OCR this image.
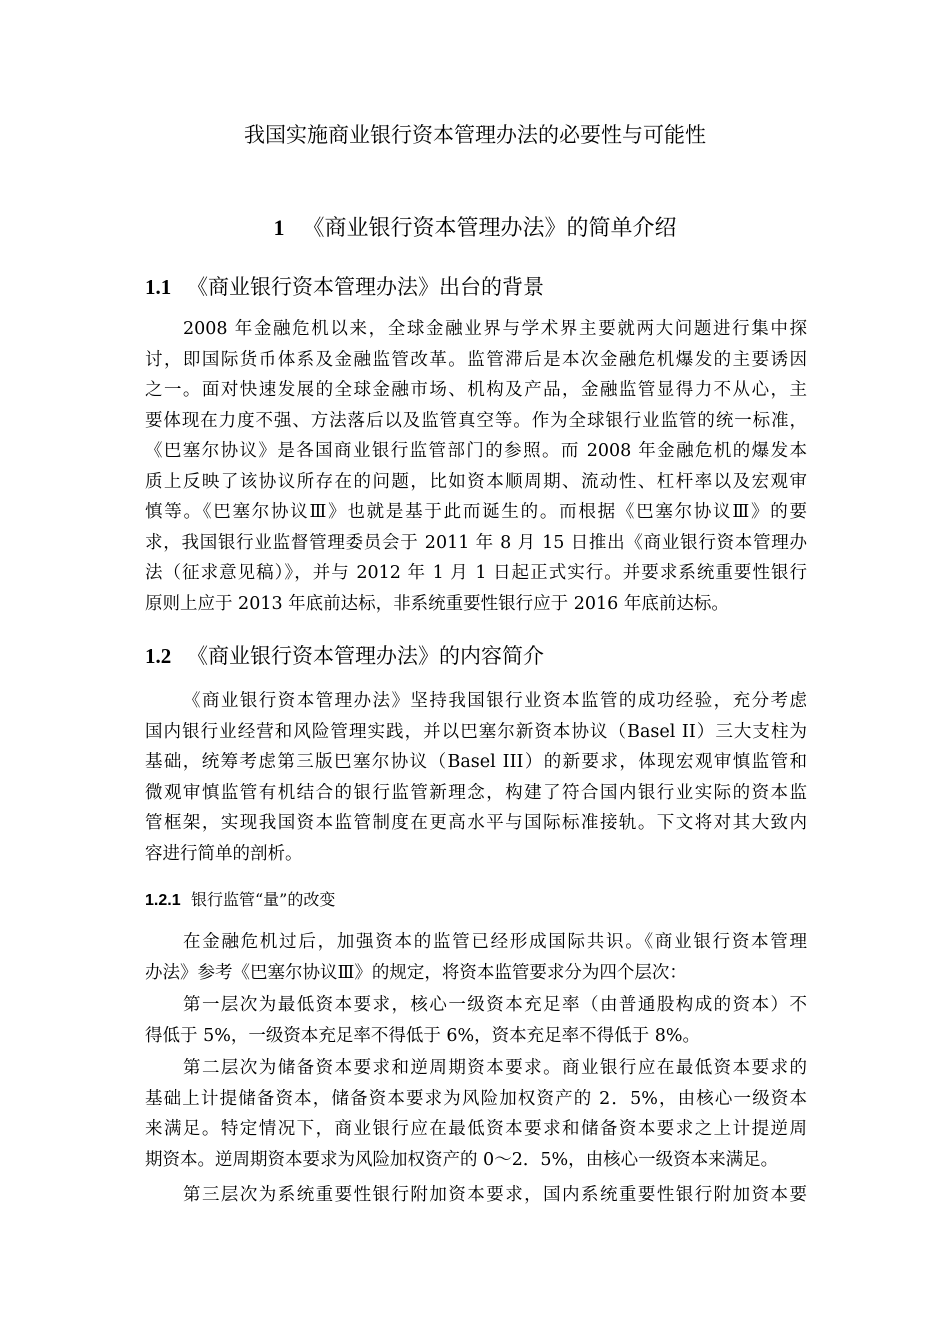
我国实施商业银行资本管理办法的必要性与可能性
1 《商业银行资本管理办法》的简单介绍
1.1 《商业银行资本管理办法》出台的背景
2008 年金融危机以来，全球金融业界与学术界主要就两大问题进行集中探
讨，即国际货币体系及金融监管改革。监管滞后是本次金融危机爆发的主要诱因
之一。面对快速发展的全球金融市场、机构及产品，金融监管显得力不从心，主
要体现在力度不强、方法落后以及监管真空等。作为全球银行业监管的统一标准，
《巴塞尔协议》是各国商业银行监管部门的参照。而 2008 年金融危机的爆发本
质上反映了该协议所存在的问题，比如资本顺周期、流动性、杠杆率以及宏观审
慎等。《巴塞尔协议Ⅲ》也就是基于此而诞生的。而根据《巴塞尔协议Ⅲ》的要
求，我国银行业监督管理委员会于 2011 年 8 月 15 日推出《商业银行资本管理办
法（征求意见稿）》，并与 2012 年 1 月 1 日起正式实行。并要求系统重要性银行
原则上应于 2013 年底前达标，非系统重要性银行应于 2016 年底前达标。
1.2 《商业银行资本管理办法》的内容简介
《商业银行资本管理办法》坚持我国银行业资本监管的成功经验，充分考虑
国内银行业经营和风险管理实践，并以巴塞尔新资本协议（Basel II）三大支柱为
基础，统筹考虑第三版巴塞尔协议（Basel III）的新要求，体现宏观审慎监管和
微观审慎监管有机结合的银行监管新理念，构建了符合国内银行业实际的资本监
管框架，实现我国资本监管制度在更高水平与国际标准接轨。下文将对其大致内
容进行简单的剖析。
1.2.1 银行监管“量”的改变
在金融危机过后，加强资本的监管已经形成国际共识。《商业银行资本管理
办法》参考《巴塞尔协议Ⅲ》的规定，将资本监管要求分为四个层次：
第一层次为最低资本要求，核心一级资本充足率（由普通股构成的资本）不
得低于 5%，一级资本充足率不得低于 6%，资本充足率不得低于 8%。
第二层次为储备资本要求和逆周期资本要求。商业银行应在最低资本要求的
基础上计提储备资本，储备资本要求为风险加权资产的 2．5%，由核心一级资本
来满足。特定情况下，商业银行应在最低资本要求和储备资本要求之上计提逆周
期资本。逆周期资本要求为风险加权资产的 0～2．5%，由核心一级资本来满足。
第三层次为系统重要性银行附加资本要求，国内系统重要性银行附加资本要
